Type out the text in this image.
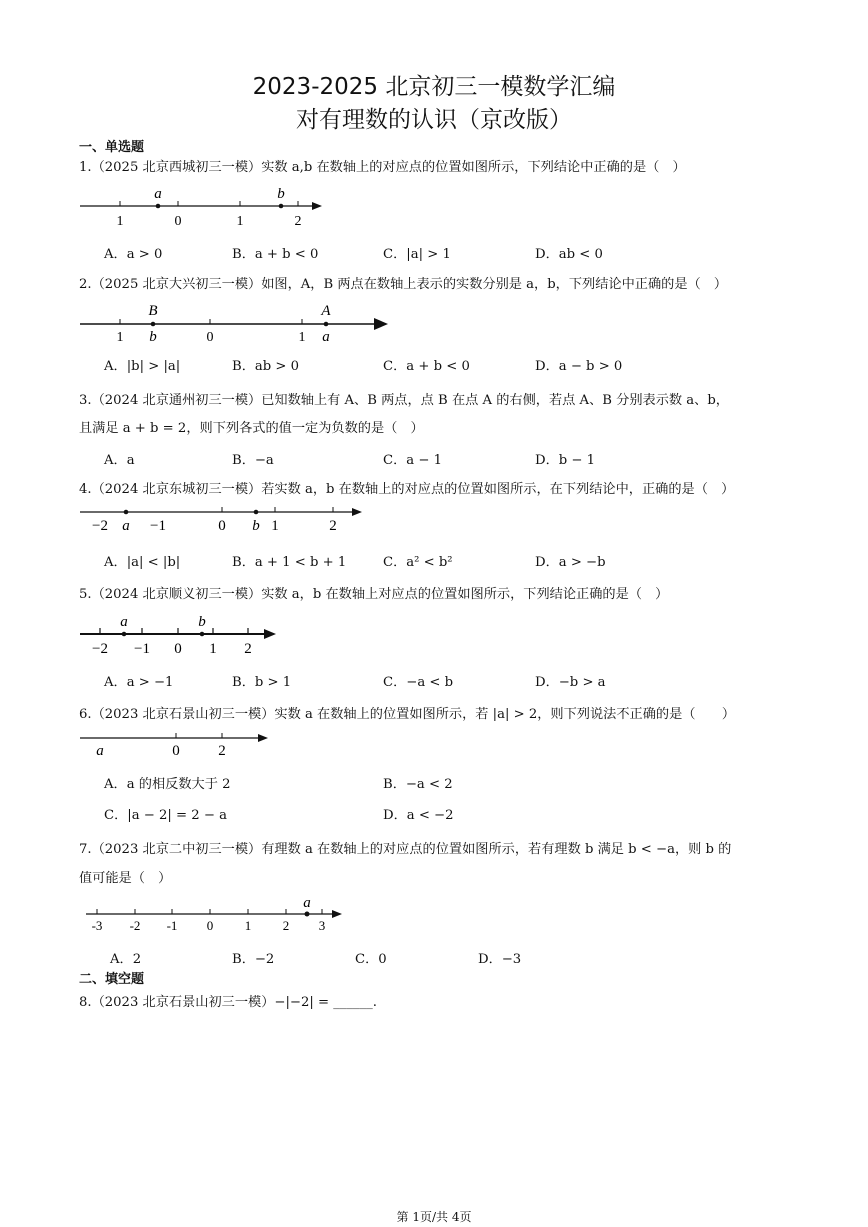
2023-2025 北京初三一模数学汇编
对有理数的认识（京改版）
一、单选题
1.（2025 北京西城初三一模）实数 a,b 在数轴上的对应点的位置如图所示，下列结论中正确的是（　）
a	b
1	0	1	2
A．a > 0	B．a + b < 0	C．|a| > 1	D．ab < 0
2.（2025 北京大兴初三一模）如图，A，B 两点在数轴上表示的实数分别是 a，b，下列结论中正确的是（　）
B	A
1 b	0	1 a
A．|b| > |a|	B．ab > 0	C．a + b < 0	D．a − b > 0
3.（2024 北京通州初三一模）已知数轴上有 A、B 两点，点 B 在点 A 的右侧，若点 A、B 分别表示数 a、b，
且满足 a + b = 2，则下列各式的值一定为负数的是（　）
A．a	B．−a	C．a − 1	D．b − 1
4.（2024 北京东城初三一模）若实数 a，b 在数轴上的对应点的位置如图所示，在下列结论中，正确的是（　）
−2 a −1	0 b 1	2
A．|a| < |b|	B．a + 1 < b + 1	C．a² < b²	D．a > −b
5.（2024 北京顺义初三一模）实数 a，b 在数轴上对应点的位置如图所示，下列结论正确的是（　）
a	b
−2 −1 0 1 2
A．a > −1	B．b > 1	C．−a < b	D．−b > a
6.（2023 北京石景山初三一模）实数 a 在数轴上的位置如图所示，若 |a| > 2，则下列说法不正确的是（　　）
a	0	2
A．a 的相反数大于 2	B．−a < 2
C．|a − 2| = 2 − a	D．a < −2
7.（2023 北京二中初三一模）有理数 a 在数轴上的对应点的位置如图所示，若有理数 b 满足 b < −a，则 b 的
值可能是（　）
a
-3 -2 -1 0 1 2 3
A．2	B．−2	C．0	D．−3
二、填空题
8.（2023 北京石景山初三一模）−|−2| = ______.
第 1页/共 4页
